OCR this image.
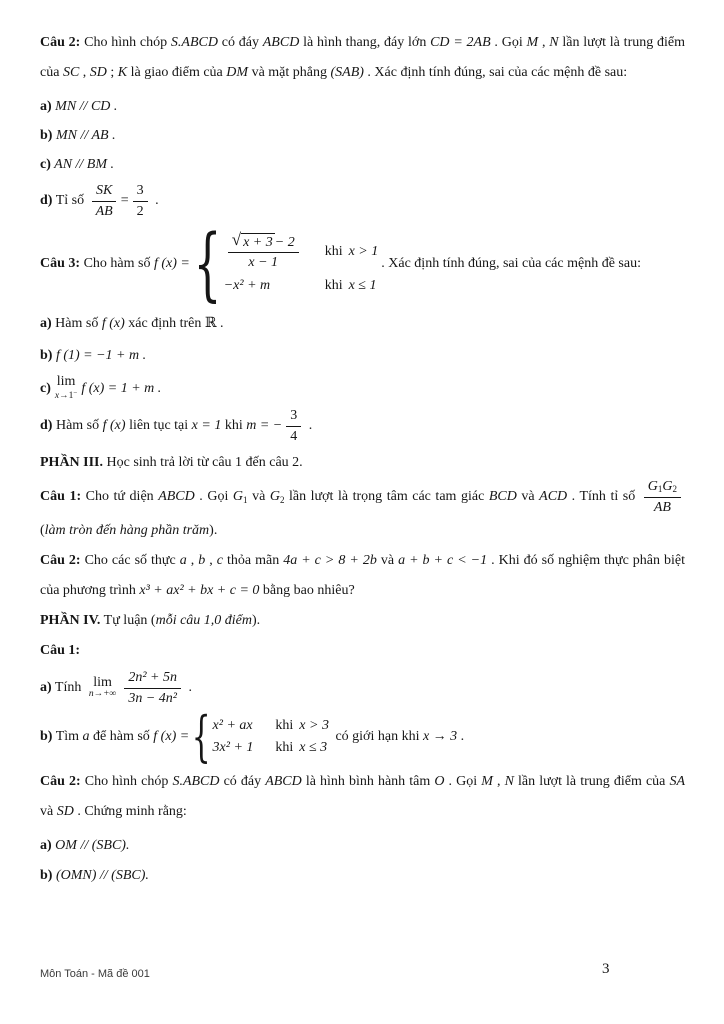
Câu 2: Cho hình chóp S.ABCD có đáy ABCD là hình thang, đáy lớn CD = 2AB . Gọi M , N lần lượt là trung điểm của SC , SD ; K là giao điểm của DM và mặt phẳng (SAB) . Xác định tính đúng, sai của các mệnh đề sau:

a) MN // CD .

b) MN // AB .

c) AN // BM .

d) Tỉ số $\frac{SK}{AB} = \frac{3}{2}$ .

Câu 3: Cho hàm số f (x) = { $\frac{√ x + 3 - 2}{x - 1}$ khi x > 1
−x² + m	khi x ≤ 1
. Xác định tính đúng, sai của các mệnh đề sau:

a) Hàm số f (x) xác định trên ℝ .

b) f (1) = −1 + m .

c) lim
x→1− f (x) = 1 + m .

d) Hàm số f (x) liên tục tại x = 1 khi m = − $\frac{3}{4}$ .

PHẦN III. Học sinh trả lời từ câu 1 đến câu 2.

Câu 1: Cho tứ diện ABCD . Gọi $G_1$ và $G_2$ lần lượt là trọng tâm các tam giác BCD và ACD . Tính tỉ số $\frac{G_1 G_2}{AB}$
(làm tròn đến hàng phần trăm).

Câu 2: Cho các số thực a , b , c thỏa mãn 4a + c > 8 + 2b và a + b + c < −1 . Khi đó số nghiệm thực phân biệt của phương trình x³ + ax² + bx + c = 0 bằng bao nhiêu?

PHẦN IV. Tự luận (mỗi câu 1,0 điểm).

Câu 1:

a) Tính lim
$n\to+\infty \frac{\text{2n² + 5n}}{\text{3n − 4n²}}$ .

b) Tìm a để hàm số f (x) = { x² + ax khi x > 3
3x² + 1 khi x ≤ 3
có giới hạn khi x → 3 .

Câu 2: Cho hình chóp S.ABCD có đáy ABCD là hình bình hành tâm O . Gọi M , N lần lượt là trung điểm của SA và SD . Chứng minh rằng:

a) OM // (SBC).

b) (OMN) // (SBC).

Môn Toán - Mã đề 001	3
